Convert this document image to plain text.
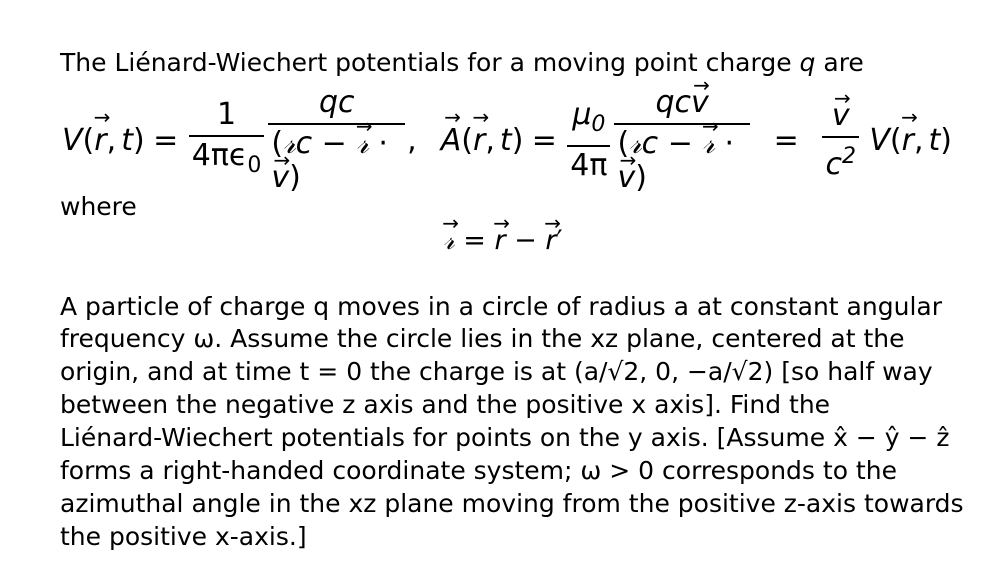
The Liénard-Wiechert potentials for a moving point charge q are
V ( r → , t ) = $\frac{1}{4\pi\epsilon_0} \frac{qc}{\text{(𝓇c − 𝓇 → · v →)}}$ , A → ( r → , t ) = $\frac{\mu_0}{4\pi} \frac{\text{qcv →}}{\text{(𝓇c − 𝓇 → · v →)}} = \frac{v \to}{c^2}$ V ( r → , t )
where
𝓇 → = r → − r →′
A particle of charge q moves in a circle of radius a at constant angular
frequency ω. Assume the circle lies in the xz plane, centered at the
origin, and at time t = 0 the charge is at (a/√2, 0, −a/√2) [so half way
between the negative z axis and the positive x axis]. Find the
Liénard-Wiechert potentials for points on the y axis. [Assume x̂ − ŷ − ẑ
forms a right-handed coordinate system; ω > 0 corresponds to the
azimuthal angle in the xz plane moving from the positive z-axis towards
the positive x-axis.]
